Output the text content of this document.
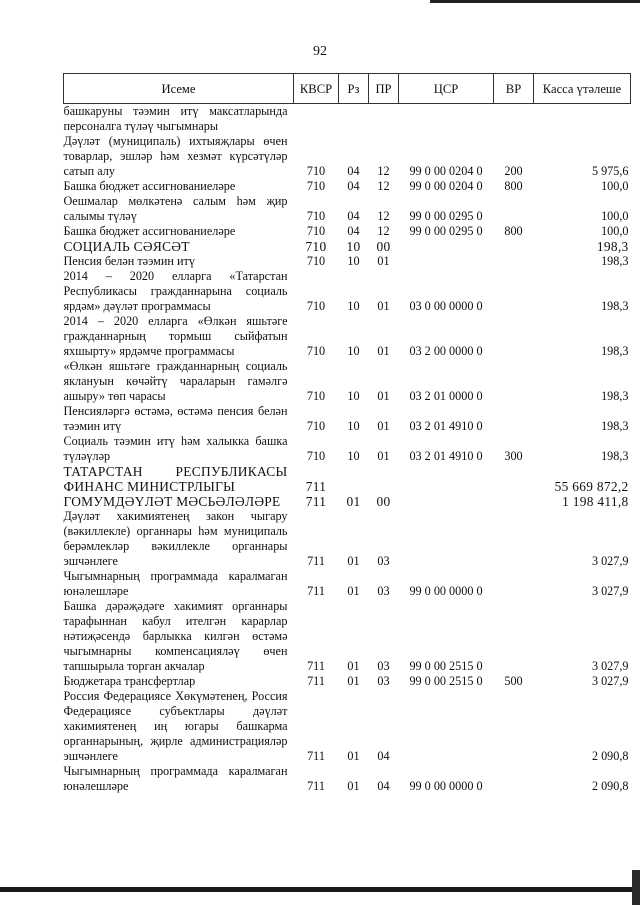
92
Исеме	КВСР	Рз	ПР	ЦСР	ВР	Касса үтәлеше
башкаруны тәэмин итү максатларында персоналга түләү чыгымнары						
Дәүләт (муниципаль) ихтыяҗлары өчен товарлар, эшләр һәм хезмәт күрсәтүләр сатып алу	710	04	12	99 0 00 0204 0	200	5 975,6
Башка бюджет ассигнованиеләре	710	04	12	99 0 00 0204 0	800	100,0
Оешмалар мөлкәтенә салым һәм җир салымы түләү	710	04	12	99 0 00 0295 0		100,0
Башка бюджет ассигнованиеләре	710	04	12	99 0 00 0295 0	800	100,0
СОЦИАЛЬ СӘЯСӘТ	710	10	00			198,3
Пенсия белән тәэмин итү	710	10	01			198,3
2014 – 2020 елларга «Татарстан Республикасы гражданнарына социаль ярдәм» дәүләт программасы	710	10	01	03 0 00 0000 0		198,3
2014 – 2020 елларга «Өлкән яшьтәге гражданнарның тормыш сыйфатын яхшырту» ярдәмче программасы	710	10	01	03 2 00 0000 0		198,3
«Өлкән яшьтәге гражданнарның социаль яклануын көчәйтү чараларын гамәлгә ашыру» төп чарасы	710	10	01	03 2 01 0000 0		198,3
Пенсияләргә өстәмә, өстәмә пенсия белән тәэмин итү	710	10	01	03 2 01 4910 0		198,3
Социаль тәэмин итү һәм халыкка башка түләүләр	710	10	01	03 2 01 4910 0	300	198,3
ТАТАРСТАН РЕСПУБЛИКАСЫ ФИНАНС МИНИСТРЛЫГЫ	711					55 669 872,2
ГОМУМДӘҮЛӘТ МӘСЬӘЛӘЛӘРЕ	711	01	00			1 198 411,8
Дәүләт хакимиятенең закон чыгару (вәкиллекле) органнары һәм муниципаль берәмлекләр вәкиллекле органнары эшчәнлеге	711	01	03			3 027,9
Чыгымнарның программада каралмаган юнәлешләре	711	01	03	99 0 00 0000 0		3 027,9
Башка дәрәҗәдәге хакимият органнары тарафыннан кабул ителгән карарлар нәтиҗәсендә барлыкка килгән өстәмә чыгымнарны компенсацияләү өчен тапшырыла торган акчалар	711	01	03	99 0 00 2515 0		3 027,9
Бюджетара трансфертлар	711	01	03	99 0 00 2515 0	500	3 027,9
Россия Федерациясе Хөкүмәтенең, Россия Федерациясе субъектлары дәүләт хакимиятенең иң югары башкарма органнарының, җирле администрацияләр эшчәнлеге	711	01	04			2 090,8
Чыгымнарның программада каралмаган юнәлешләре	711	01	04	99 0 00 0000 0		2 090,8
